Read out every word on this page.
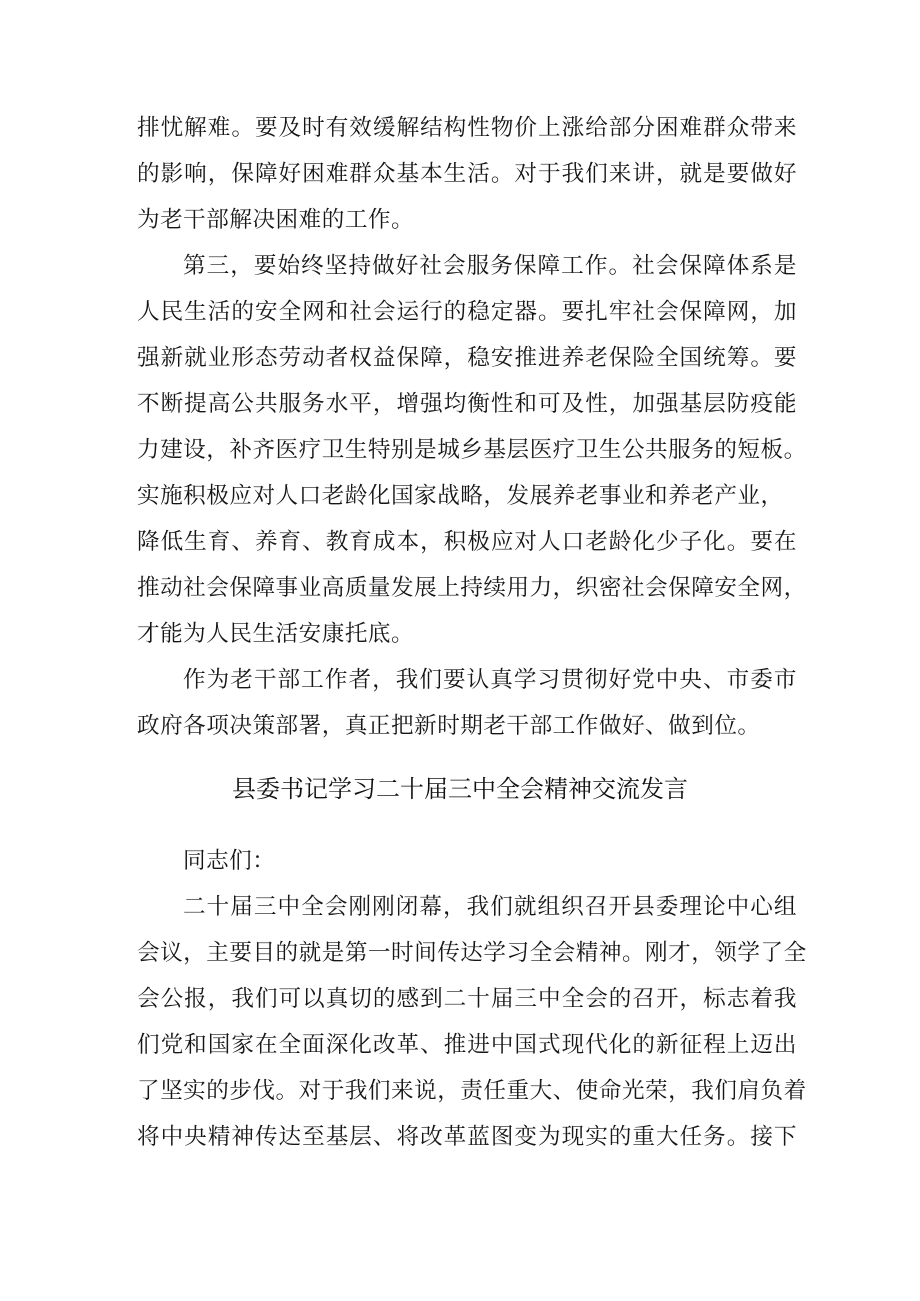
排忧解难。要及时有效缓解结构性物价上涨给部分困难群众带来
的影响，保障好困难群众基本生活。对于我们来讲，就是要做好
为老干部解决困难的工作。
第三，要始终坚持做好社会服务保障工作。社会保障体系是
人民生活的安全网和社会运行的稳定器。要扎牢社会保障网，加
强新就业形态劳动者权益保障，稳安推进养老保险全国统筹。要
不断提高公共服务水平，增强均衡性和可及性，加强基层防疫能
力建设，补齐医疗卫生特别是城乡基层医疗卫生公共服务的短板。
实施积极应对人口老龄化国家战略，发展养老事业和养老产业，
降低生育、养育、教育成本，积极应对人口老龄化少子化。要在
推动社会保障事业高质量发展上持续用力，织密社会保障安全网，
才能为人民生活安康托底。
作为老干部工作者，我们要认真学习贯彻好党中央、市委市
政府各项决策部署，真正把新时期老干部工作做好、做到位。
县委书记学习二十届三中全会精神交流发言
同志们：
二十届三中全会刚刚闭幕，我们就组织召开县委理论中心组
会议，主要目的就是第一时间传达学习全会精神。刚才，领学了全
会公报，我们可以真切的感到二十届三中全会的召开，标志着我
们党和国家在全面深化改革、推进中国式现代化的新征程上迈出
了坚实的步伐。对于我们来说，责任重大、使命光荣，我们肩负着
将中央精神传达至基层、将改革蓝图变为现实的重大任务。接下
